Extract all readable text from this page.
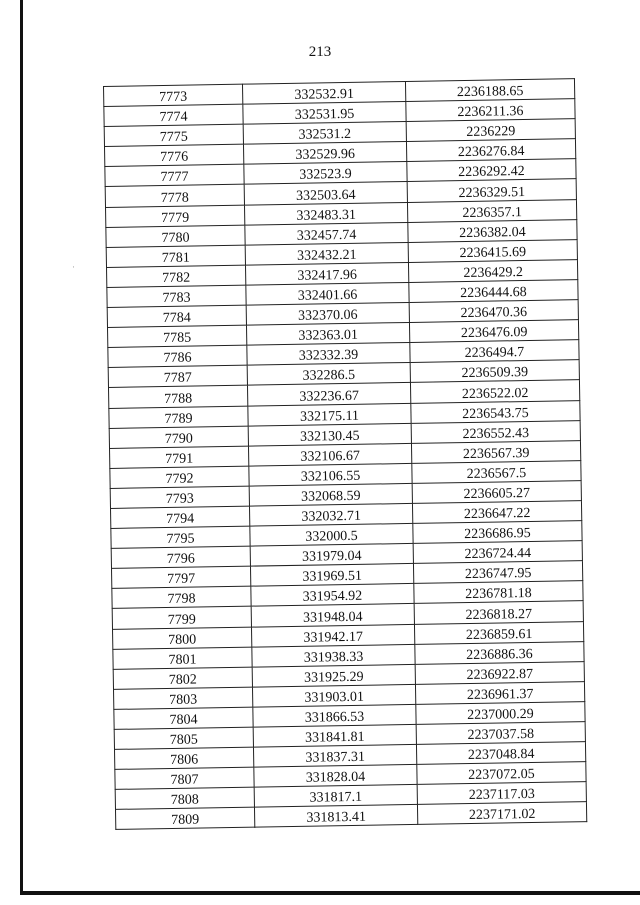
213
·
7773	332532.91	2236188.65
7774	332531.95	2236211.36
7775	332531.2	2236229
7776	332529.96	2236276.84
7777	332523.9	2236292.42
7778	332503.64	2236329.51
7779	332483.31	2236357.1
7780	332457.74	2236382.04
7781	332432.21	2236415.69
7782	332417.96	2236429.2
7783	332401.66	2236444.68
7784	332370.06	2236470.36
7785	332363.01	2236476.09
7786	332332.39	2236494.7
7787	332286.5	2236509.39
7788	332236.67	2236522.02
7789	332175.11	2236543.75
7790	332130.45	2236552.43
7791	332106.67	2236567.39
7792	332106.55	2236567.5
7793	332068.59	2236605.27
7794	332032.71	2236647.22
7795	332000.5	2236686.95
7796	331979.04	2236724.44
7797	331969.51	2236747.95
7798	331954.92	2236781.18
7799	331948.04	2236818.27
7800	331942.17	2236859.61
7801	331938.33	2236886.36
7802	331925.29	2236922.87
7803	331903.01	2236961.37
7804	331866.53	2237000.29
7805	331841.81	2237037.58
7806	331837.31	2237048.84
7807	331828.04	2237072.05
7808	331817.1	2237117.03
7809	331813.41	2237171.02
